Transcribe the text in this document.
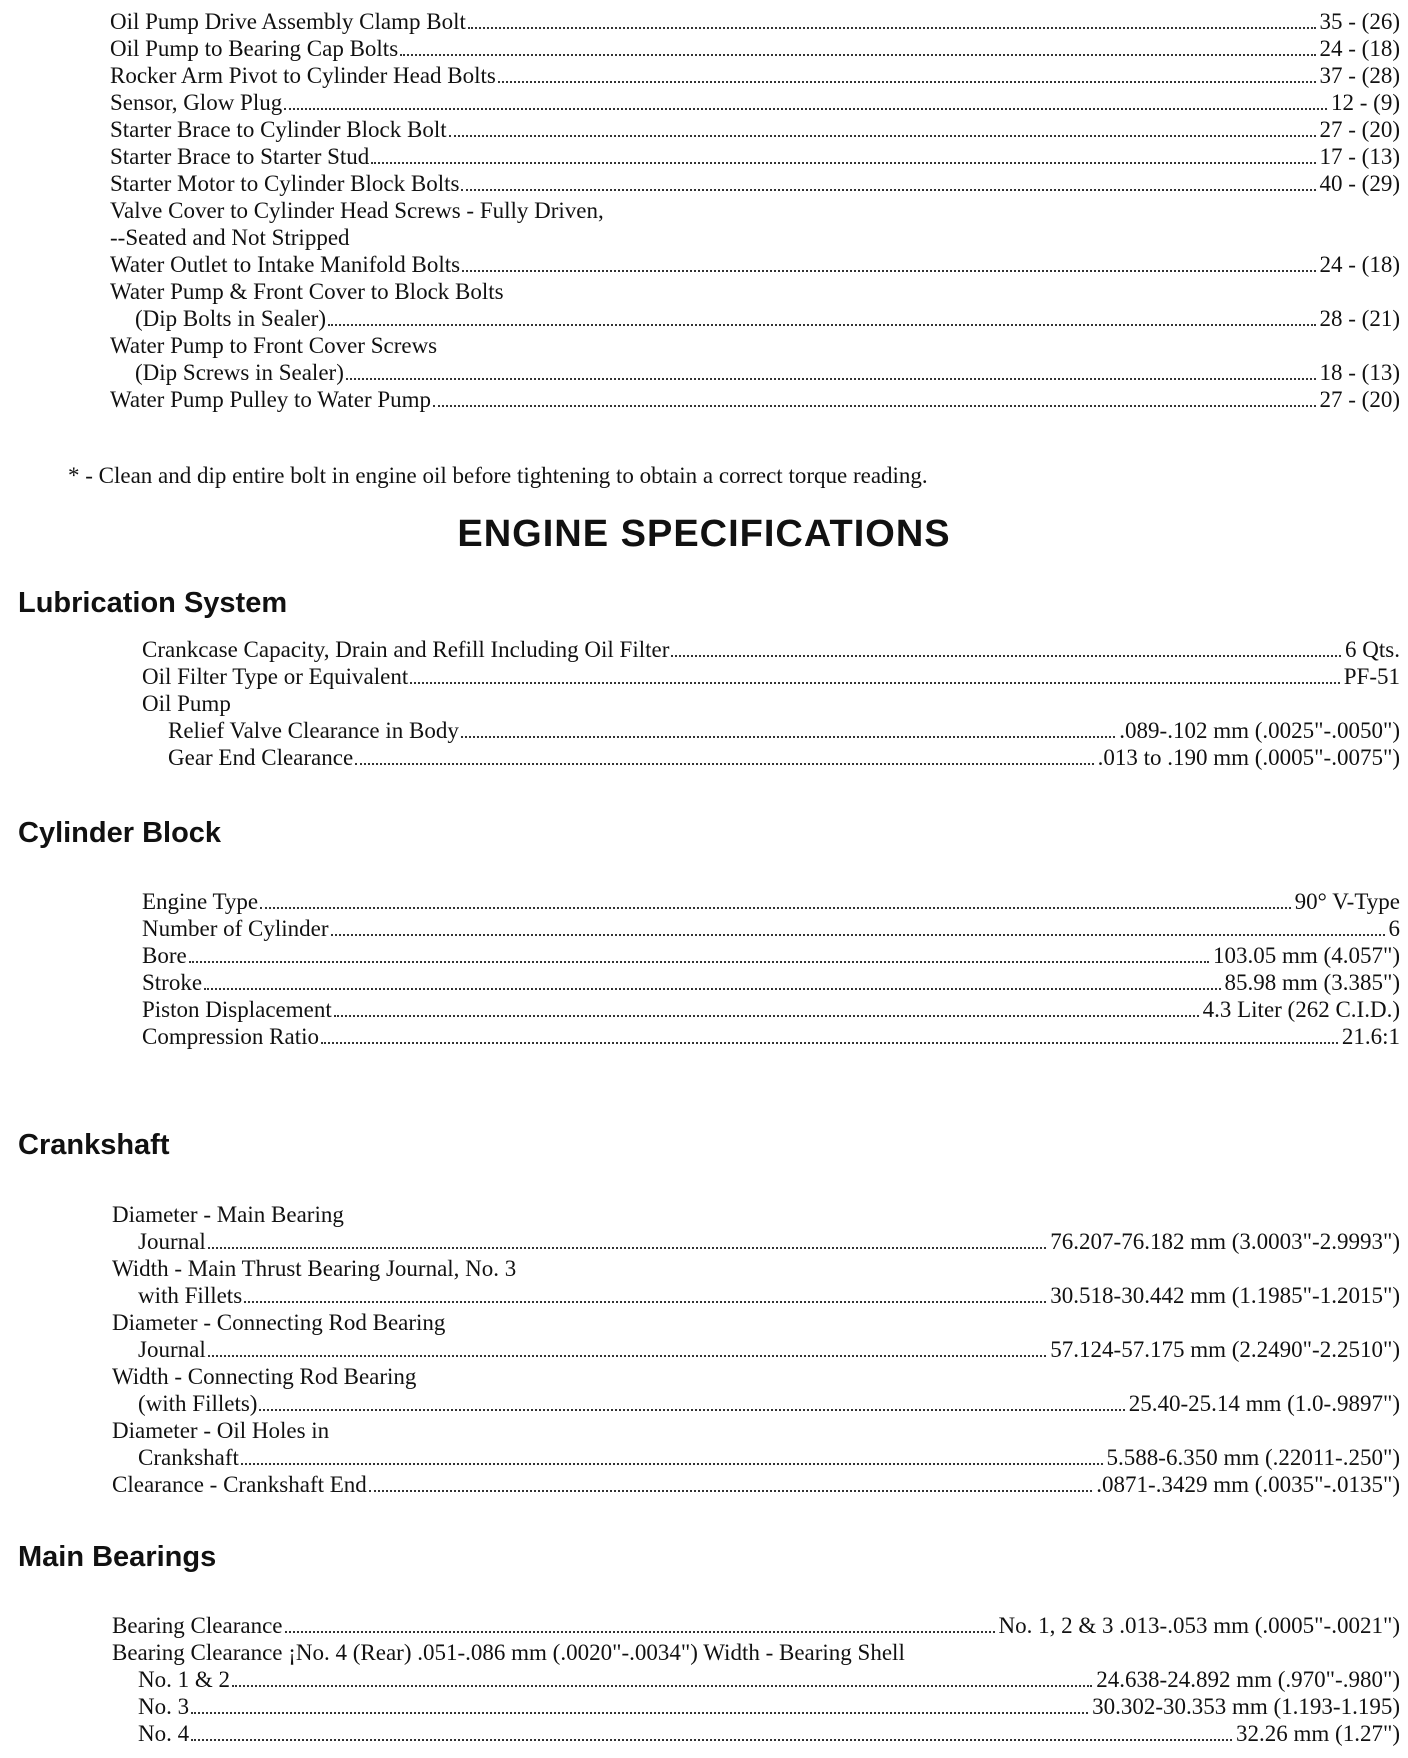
Oil Pump Drive Assembly Clamp Bolt	35 - (26)
Oil Pump to Bearing Cap Bolts	24 - (18)
Rocker Arm Pivot to Cylinder Head Bolts	37 - (28)
Sensor, Glow Plug	12 - (9)
Starter Brace to Cylinder Block Bolt	27 - (20)
Starter Brace to Starter Stud	17 - (13)
Starter Motor to Cylinder Block Bolts	40 - (29)
Valve Cover to Cylinder Head Screws - Fully Driven,
--Seated and Not Stripped
Water Outlet to Intake Manifold Bolts	24 - (18)
Water Pump & Front Cover to Block Bolts
(Dip Bolts in Sealer)	28 - (21)
Water Pump to Front Cover Screws
(Dip Screws in Sealer)	18 - (13)
Water Pump Pulley to Water Pump	27 - (20)
* - Clean and dip entire bolt in engine oil before tightening to obtain a correct torque reading.
ENGINE SPECIFICATIONS
Lubrication System
Crankcase Capacity, Drain and Refill Including Oil Filter	6 Qts.
Oil Filter Type or Equivalent	PF-51
Oil Pump
Relief Valve Clearance in Body	.089-.102 mm (.0025"-.0050")
Gear End Clearance	.013 to .190 mm (.0005"-.0075")
Cylinder Block
Engine Type	90° V-Type
Number of Cylinder	6
Bore	103.05 mm (4.057")
Stroke	85.98 mm (3.385")
Piston Displacement	4.3 Liter (262 C.I.D.)
Compression Ratio	21.6:1
Crankshaft
Diameter - Main Bearing
Journal	76.207-76.182 mm (3.0003"-2.9993")
Width - Main Thrust Bearing Journal, No. 3
with Fillets	30.518-30.442 mm (1.1985"-1.2015")
Diameter - Connecting Rod Bearing
Journal	57.124-57.175 mm (2.2490"-2.2510")
Width - Connecting Rod Bearing
(with Fillets)	25.40-25.14 mm (1.0-.9897")
Diameter - Oil Holes in
Crankshaft	5.588-6.350 mm (.22011-.250")
Clearance - Crankshaft End	.0871-.3429 mm (.0035"-.0135")
Main Bearings
Bearing Clearance	No. 1, 2 & 3 .013-.053 mm (.0005"-.0021")
Bearing Clearance ¡No. 4 (Rear) .051-.086 mm (.0020"-.0034") Width - Bearing Shell
No. 1 & 2	24.638-24.892 mm (.970"-.980")
No. 3	30.302-30.353 mm (1.193-1.195)
No. 4	32.26 mm (1.27")
